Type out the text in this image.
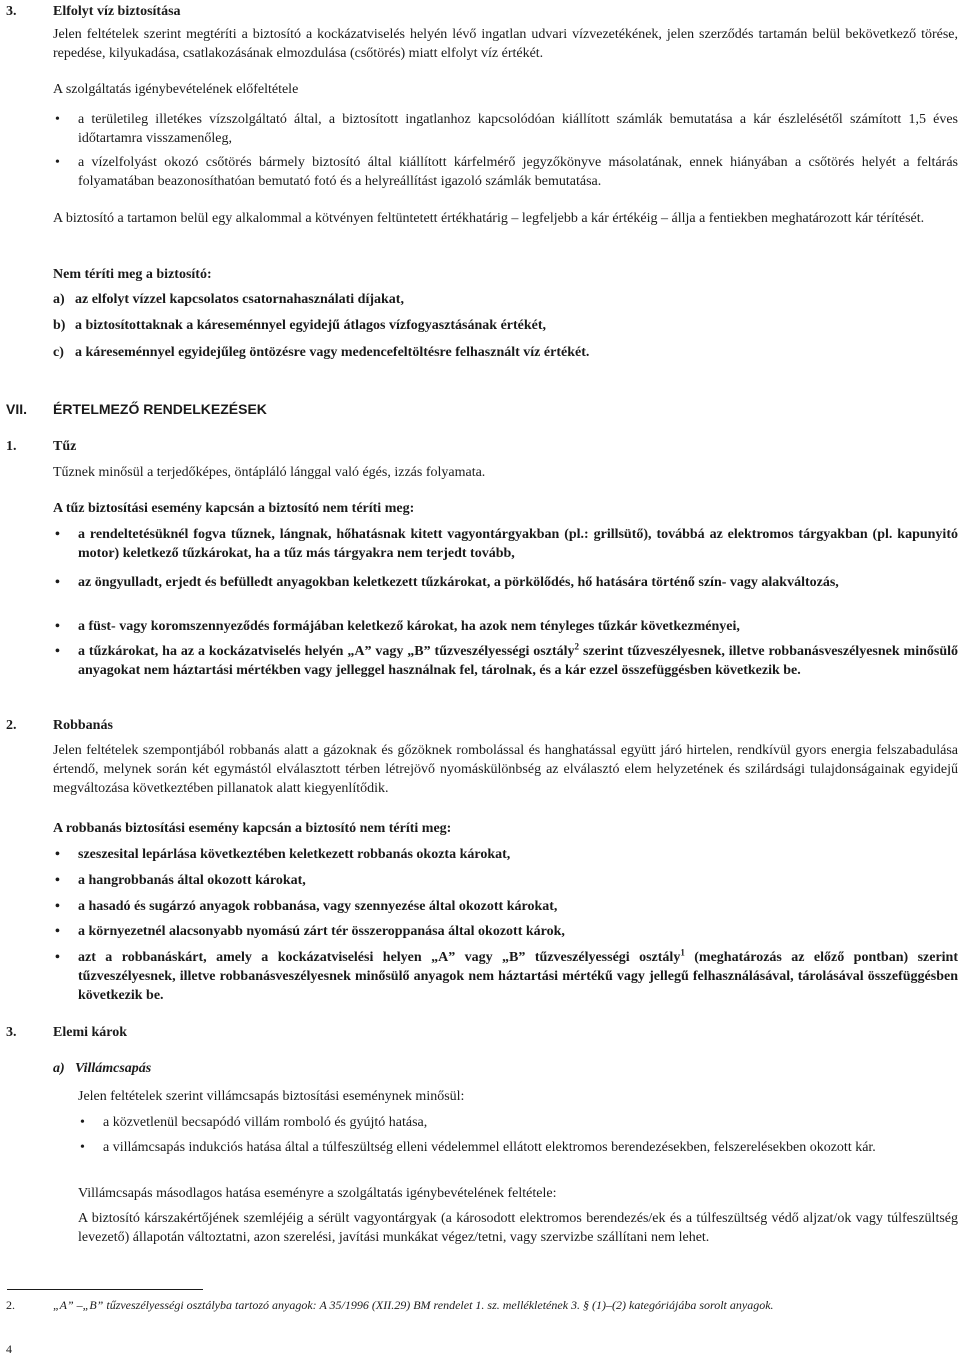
3.	Elfolyt víz biztosítása
Jelen feltételek szerint megtéríti a biztosító a kockázatviselés helyén lévő ingatlan udvari vízvezetékének, jelen szerződés tartamán belül bekövetkező törése, repedése, kilyukadása, csatlakozásának elmozdulása (csőtörés) miatt elfolyt víz értékét.
A szolgáltatás igénybevételének előfeltétele
• a területileg illetékes vízszolgáltató által, a biztosított ingatlanhoz kapcsolódóan kiállított számlák bemutatása a kár észlelésétől számított 1,5 éves időtartamra visszamenőleg,
• a vízelfolyást okozó csőtörés bármely biztosító által kiállított kárfelmérő jegyzőkönyve másolatának, ennek hiányában a csőtörés helyét a feltárás folyamatában beazonosíthatóan bemutató fotó és a helyreállítást igazoló számlák bemutatása.
A biztosító a tartamon belül egy alkalommal a kötvényen feltüntetett értékhatárig – legfeljebb a kár értékéig – állja a fentiekben meghatározott kár térítését.
Nem téríti meg a biztosító:
a) az elfolyt vízzel kapcsolatos csatornahasználati díjakat,
b) a biztosítottaknak a káreseménnyel egyidejű átlagos vízfogyasztásának értékét,
c) a káreseménnyel egyidejűleg öntözésre vagy medencefeltöltésre felhasznált víz értékét.
VII. ÉRTELMEZŐ RENDELKEZÉSEK
1.	Tűz
Tűznek minősül a terjedőképes, öntápláló lánggal való égés, izzás folyamata.
A tűz biztosítási esemény kapcsán a biztosító nem téríti meg:
• a rendeltetésüknél fogva tűznek, lángnak, hőhatásnak kitett vagyontárgyakban (pl.: grillsütő), továbbá az elektromos tárgyakban (pl. kapunyitó motor) keletkező tűzkárokat, ha a tűz más tárgyakra nem terjedt tovább,
• az öngyulladt, erjedt és befülledt anyagokban keletkezett tűzkárokat, a pörkölődés, hő hatására történő szín- vagy alakváltozás,
• a füst- vagy koromszennyeződés formájában keletkező károkat, ha azok nem tényleges tűzkár következményei,
• a tűzkárokat, ha az a kockázatviselés helyén „A” vagy „B” tűzveszélyességi osztály$^2$ szerint tűzveszélyesnek, illetve robbanásveszélyesnek minősülő anyagokat nem háztartási mértékben vagy jelleggel használnak fel, tárolnak, és a kár ezzel összefüggésben következik be.
2.	Robbanás
Jelen feltételek szempontjából robbanás alatt a gázoknak és gőzöknek rombolással és hanghatással együtt járó hirtelen, rendkívül gyors energia felszabadulása értendő, melynek során két egymástól elválasztott térben létrejövő nyomáskülönbség az elválasztó elem helyzetének és szilárdsági tulajdonságainak egyidejű megváltozása következtében pillanatok alatt kiegyenlítődik.
A robbanás biztosítási esemény kapcsán a biztosító nem téríti meg:
• szeszesital lepárlása következtében keletkezett robbanás okozta károkat,
• a hangrobbanás által okozott károkat,
• a hasadó és sugárzó anyagok robbanása, vagy szennyezése által okozott károkat,
• a környezetnél alacsonyabb nyomású zárt tér összeroppanása által okozott károk,
• azt a robbanáskárt, amely a kockázatviselési helyen „A” vagy „B” tűzveszélyességi osztály$^1$ (meghatározás az előző pontban) szerint tűzveszélyesnek, illetve robbanásveszélyesnek minősülő anyagok nem háztartási mértékű vagy jellegű felhasználásával, tárolásával összefüggésben következik be.
3.	Elemi károk
a) Villámcsapás
Jelen feltételek szerint villámcsapás biztosítási eseménynek minősül:
• a közvetlenül becsapódó villám romboló és gyújtó hatása,
• a villámcsapás indukciós hatása által a túlfeszültség elleni védelemmel ellátott elektromos berendezésekben, felszerelésekben okozott kár.
Villámcsapás másodlagos hatása eseményre a szolgáltatás igénybevételének feltétele:
A biztosító kárszakértőjének szemléjéig a sérült vagyontárgyak (a károsodott elektromos berendezés/ek és a túlfeszültség védő aljzat/ok vagy túlfeszültség levezető) állapotán változtatni, azon szerelési, javítási munkákat végez/tetni, vagy szervizbe szállítani nem lehet.
2.	„A” –„B” tűzveszélyességi osztályba tartozó anyagok: A 35/1996 (XII.29) BM rendelet 1. sz. mellékletének 3. § (1)–(2) kategóriájába sorolt anyagok.
4
